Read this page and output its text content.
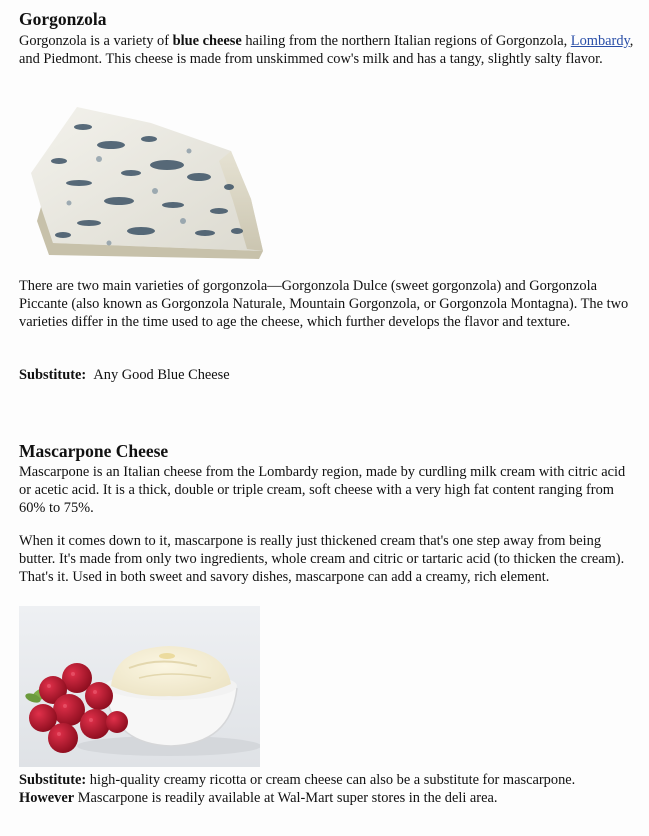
Gorgonzola

Gorgonzola is a variety of blue cheese hailing from the northern Italian regions of Gorgonzola, Lombardy, and Piedmont. This cheese is made from unskimmed cow's milk and has a tangy, slightly salty flavor.

There are two main varieties of gorgonzola—Gorgonzola Dulce (sweet gorgonzola) and Gorgonzola Piccante (also known as Gorgonzola Naturale, Mountain Gorgonzola, or Gorgonzola Montagna). The two varieties differ in the time used to age the cheese, which further develops the flavor and texture.

Substitute: Any Good Blue Cheese

Mascarpone Cheese

Mascarpone is an Italian cheese from the Lombardy region, made by curdling milk cream with citric acid or acetic acid. It is a thick, double or triple cream, soft cheese with a very high fat content ranging from 60% to 75%.

When it comes down to it, mascarpone is really just thickened cream that's one step away from being butter. It's made from only two ingredients, whole cream and citric or tartaric acid (to thicken the cream). That's it. Used in both sweet and savory dishes, mascarpone can add a creamy, rich element.

Substitute: high-quality creamy ricotta or cream cheese can also be a substitute for mascarpone.
However Mascarpone is readily available at Wal-Mart super stores in the deli area.
